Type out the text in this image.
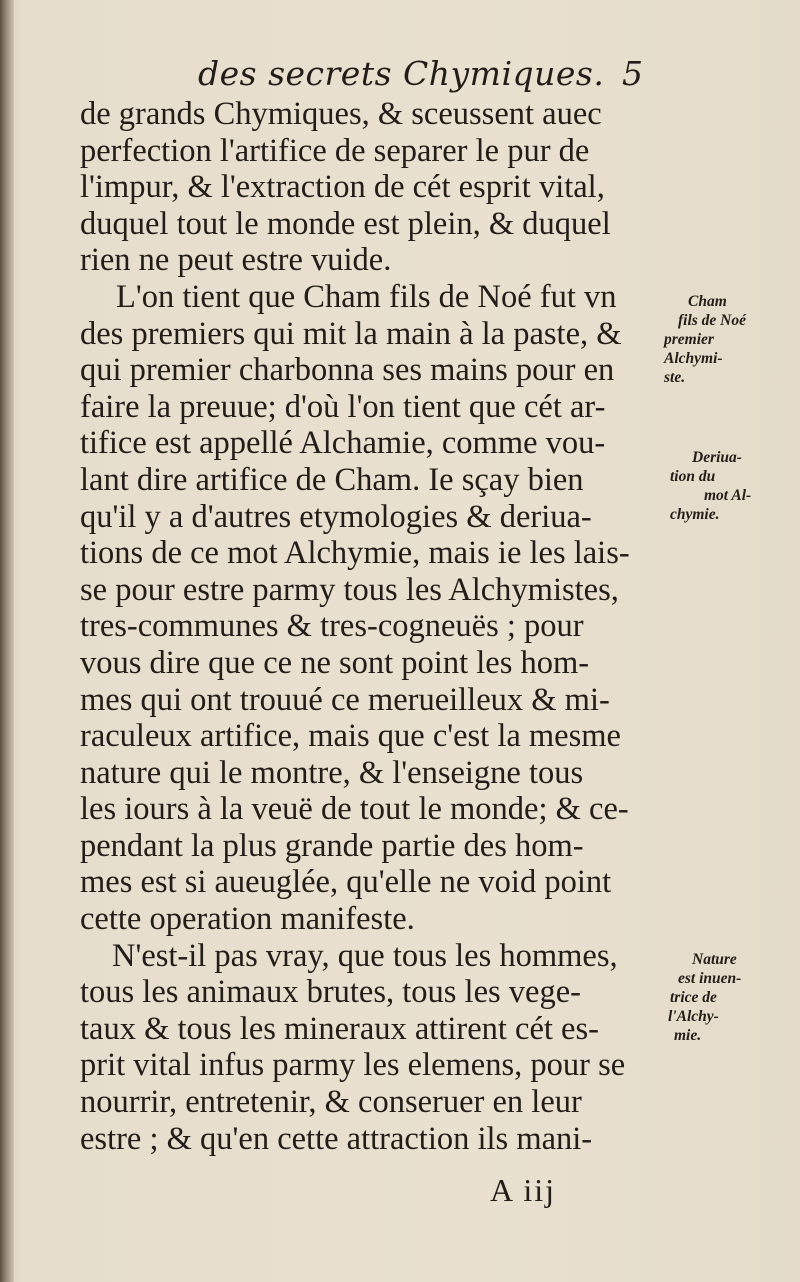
des secrets Chymiques. 5
de grands Chymiques, & sceussent auec
perfection l'artifice de separer le pur de
l'impur, & l'extraction de cét esprit vital,
duquel tout le monde est plein, & duquel
rien ne peut estre vuide.
L'on tient que Cham fils de Noé fut vn
des premiers qui mit la main à la paste, &
qui premier charbonna ses mains pour en
faire la preuue; d'où l'on tient que cét ar-
tifice est appellé Alchamie, comme vou-
lant dire artifice de Cham. Ie sçay bien
qu'il y a d'autres etymologies & deriua-
tions de ce mot Alchymie, mais ie les lais-
se pour estre parmy tous les Alchymistes,
tres-communes & tres-cogneuës ; pour
vous dire que ce ne sont point les hom-
mes qui ont trouué ce merueilleux & mi-
raculeux artifice, mais que c'est la mesme
nature qui le montre, & l'enseigne tous
les iours à la veuë de tout le monde; & ce-
pendant la plus grande partie des hom-
mes est si aueuglée, qu'elle ne void point
cette operation manifeste.
N'est-il pas vray, que tous les hommes,
tous les animaux brutes, tous les vege-
taux & tous les mineraux attirent cét es-
prit vital infus parmy les elemens, pour se
nourrir, entretenir, & conseruer en leur
estre ; & qu'en cette attraction ils mani-
Cham
fils de Noé
premier
Alchymi-
ste.
Deriua-
tion du
mot Al-
chymie.
Nature
est inuen-
trice de
l'Alchy-
mie.
A iij
